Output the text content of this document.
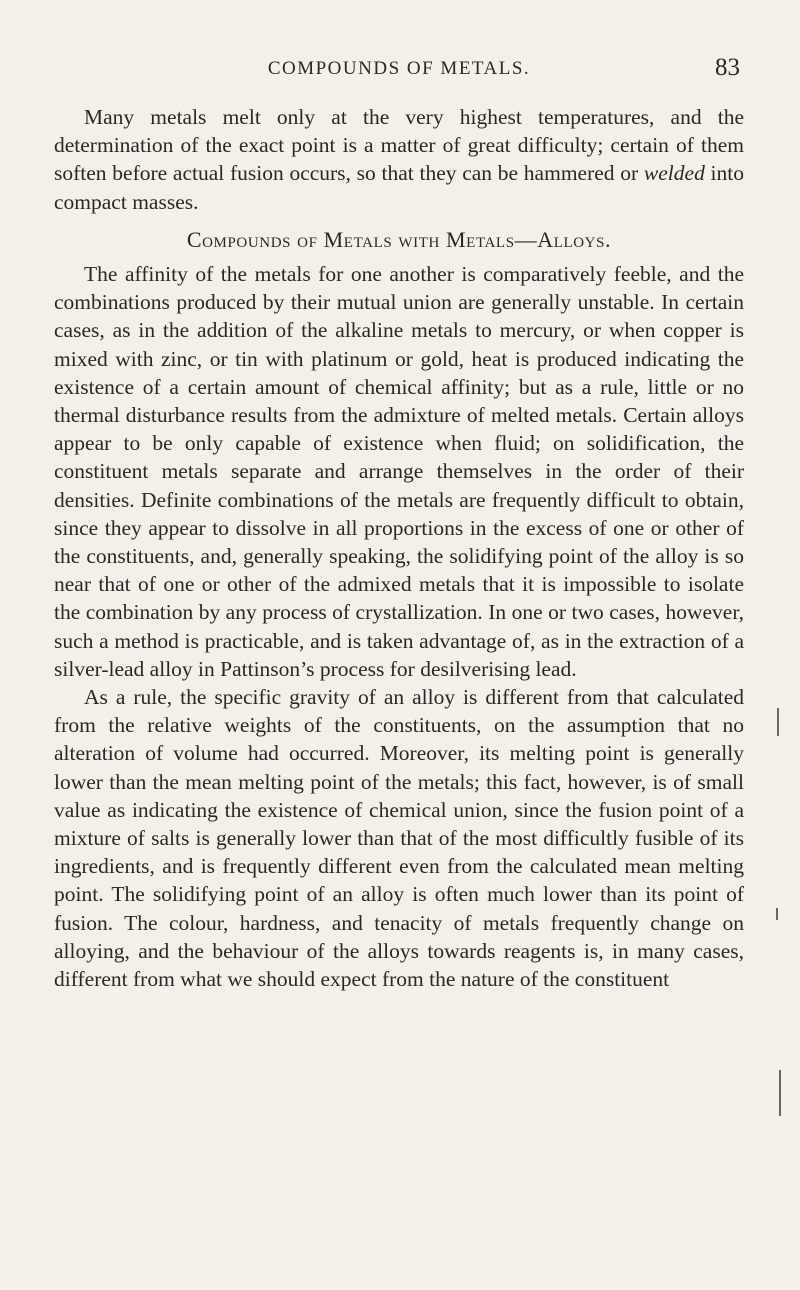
COMPOUNDS OF METALS.	83

Many metals melt only at the very highest temperatures, and the determination of the exact point is a matter of great difficulty; certain of them soften before actual fusion occurs, so that they can be hammered or welded into compact masses.

Compounds of Metals with Metals—Alloys.

The affinity of the metals for one another is comparatively feeble, and the combinations produced by their mutual union are generally unstable. In certain cases, as in the addition of the alkaline metals to mercury, or when copper is mixed with zinc, or tin with platinum or gold, heat is produced indicating the existence of a certain amount of chemical affinity; but as a rule, little or no thermal disturbance results from the admixture of melted metals. Certain alloys appear to be only capable of existence when fluid; on solidification, the constituent metals separate and arrange themselves in the order of their densities. Definite combinations of the metals are frequently difficult to obtain, since they appear to dissolve in all proportions in the excess of one or other of the constituents, and, generally speaking, the solidifying point of the alloy is so near that of one or other of the admixed metals that it is impossible to isolate the combination by any process of crystallization. In one or two cases, however, such a method is practicable, and is taken advantage of, as in the extraction of a silver-lead alloy in Pattinson’s process for desilverising lead.

As a rule, the specific gravity of an alloy is different from that calculated from the relative weights of the constituents, on the assumption that no alteration of volume had occurred. Moreover, its melting point is generally lower than the mean melting point of the metals; this fact, however, is of small value as indicating the existence of chemical union, since the fusion point of a mixture of salts is generally lower than that of the most difficultly fusible of its ingredients, and is frequently different even from the calculated mean melting point. The solidifying point of an alloy is often much lower than its point of fusion. The colour, hardness, and tenacity of metals frequently change on alloying, and the behaviour of the alloys towards reagents is, in many cases, different from what we should expect from the nature of the constituent
